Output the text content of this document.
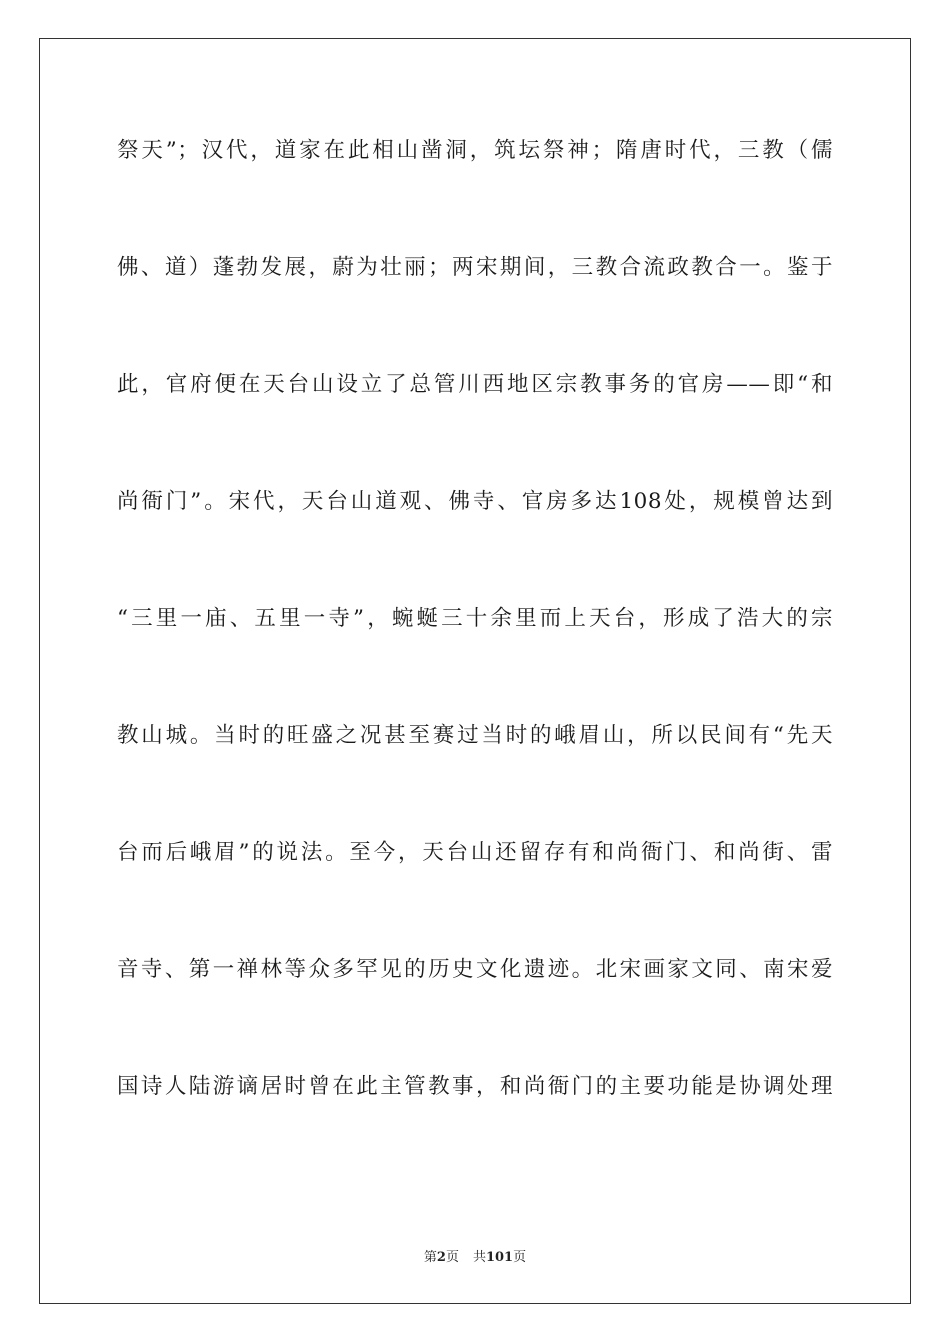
祭天”；汉代，道家在此相山凿洞，筑坛祭神；隋唐时代，三教（儒
佛、道）蓬勃发展，蔚为壮丽；两宋期间，三教合流政教合一。鉴于
此，官府便在天台山设立了总管川西地区宗教事务的官房——即“和
尚衙门”。宋代，天台山道观、佛寺、官房多达108处，规模曾达到
“三里一庙、五里一寺”，蜿蜒三十余里而上天台，形成了浩大的宗
教山城。当时的旺盛之况甚至赛过当时的峨眉山，所以民间有“先天
台而后峨眉”的说法。至今，天台山还留存有和尚衙门、和尚街、雷
音寺、第一禅林等众多罕见的历史文化遗迹。北宋画家文同、南宋爱
国诗人陆游谪居时曾在此主管教事，和尚衙门的主要功能是协调处理
第2页 共101页
